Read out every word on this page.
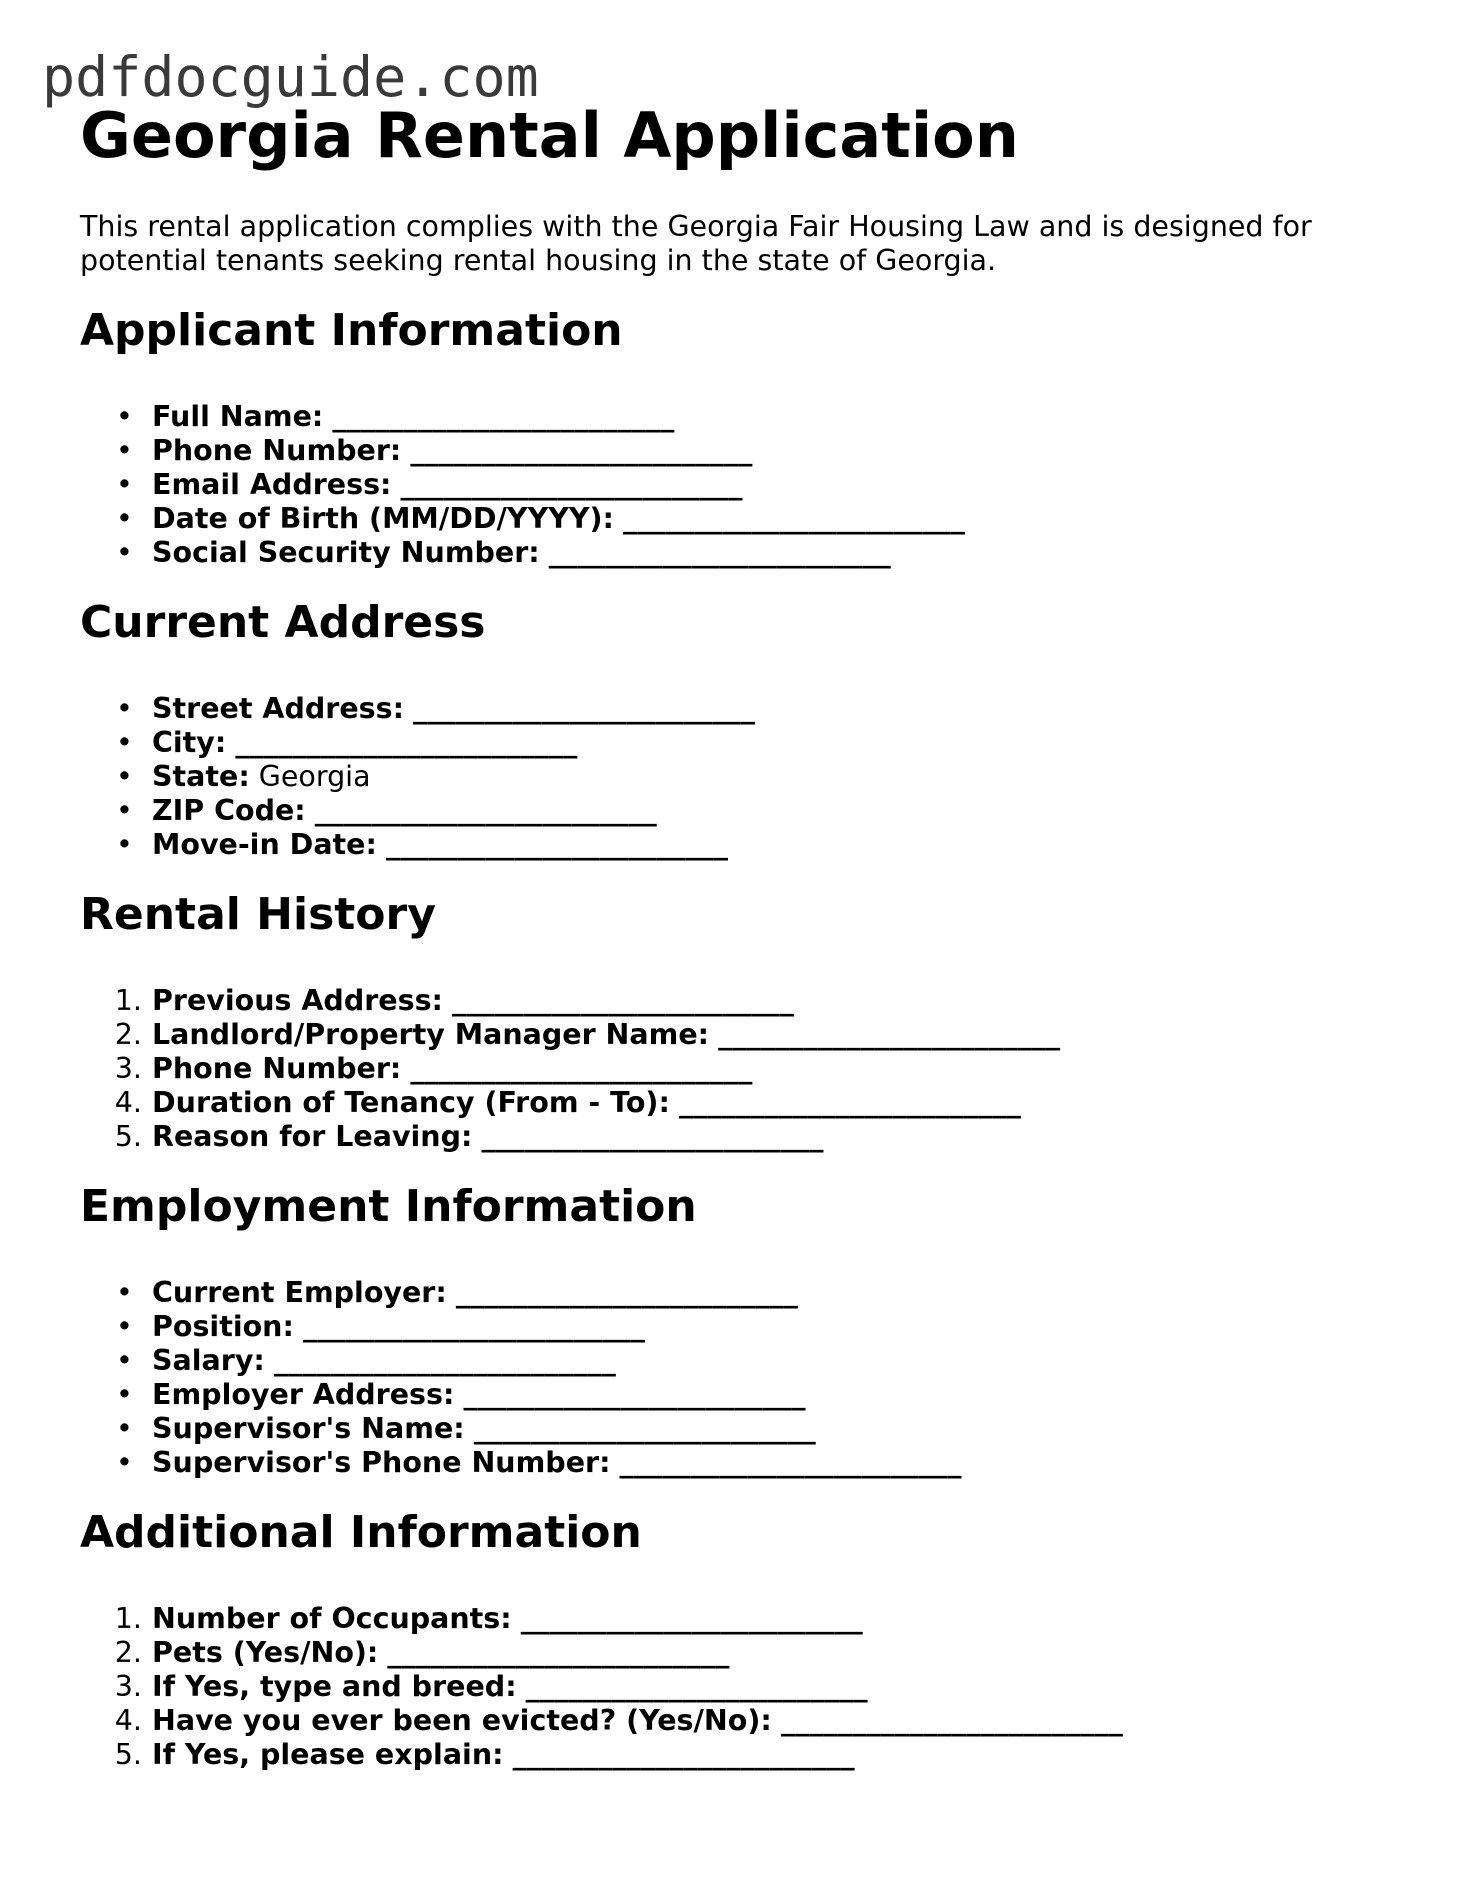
pdfdocguide.com
Georgia Rental Application

This rental application complies with the Georgia Fair Housing Law and is designed for potential tenants seeking rental housing in the state of Georgia.

Applicant Information
• Full Name: ________________________
• Phone Number: ________________________
• Email Address: ________________________
• Date of Birth (MM/DD/YYYY): ________________________
• Social Security Number: ________________________
Current Address
• Street Address: ________________________
• City: ________________________
• State: Georgia
• ZIP Code: ________________________
• Move-in Date: ________________________
Rental History
1. Previous Address: ________________________
2. Landlord/Property Manager Name: ________________________
3. Phone Number: ________________________
4. Duration of Tenancy (From - To): ________________________
5. Reason for Leaving: ________________________
Employment Information
• Current Employer: ________________________
• Position: ________________________
• Salary: ________________________
• Employer Address: ________________________
• Supervisor's Name: ________________________
• Supervisor's Phone Number: ________________________
Additional Information
1. Number of Occupants: ________________________
2. Pets (Yes/No): ________________________
3. If Yes, type and breed: ________________________
4. Have you ever been evicted? (Yes/No): ________________________
5. If Yes, please explain: ________________________
